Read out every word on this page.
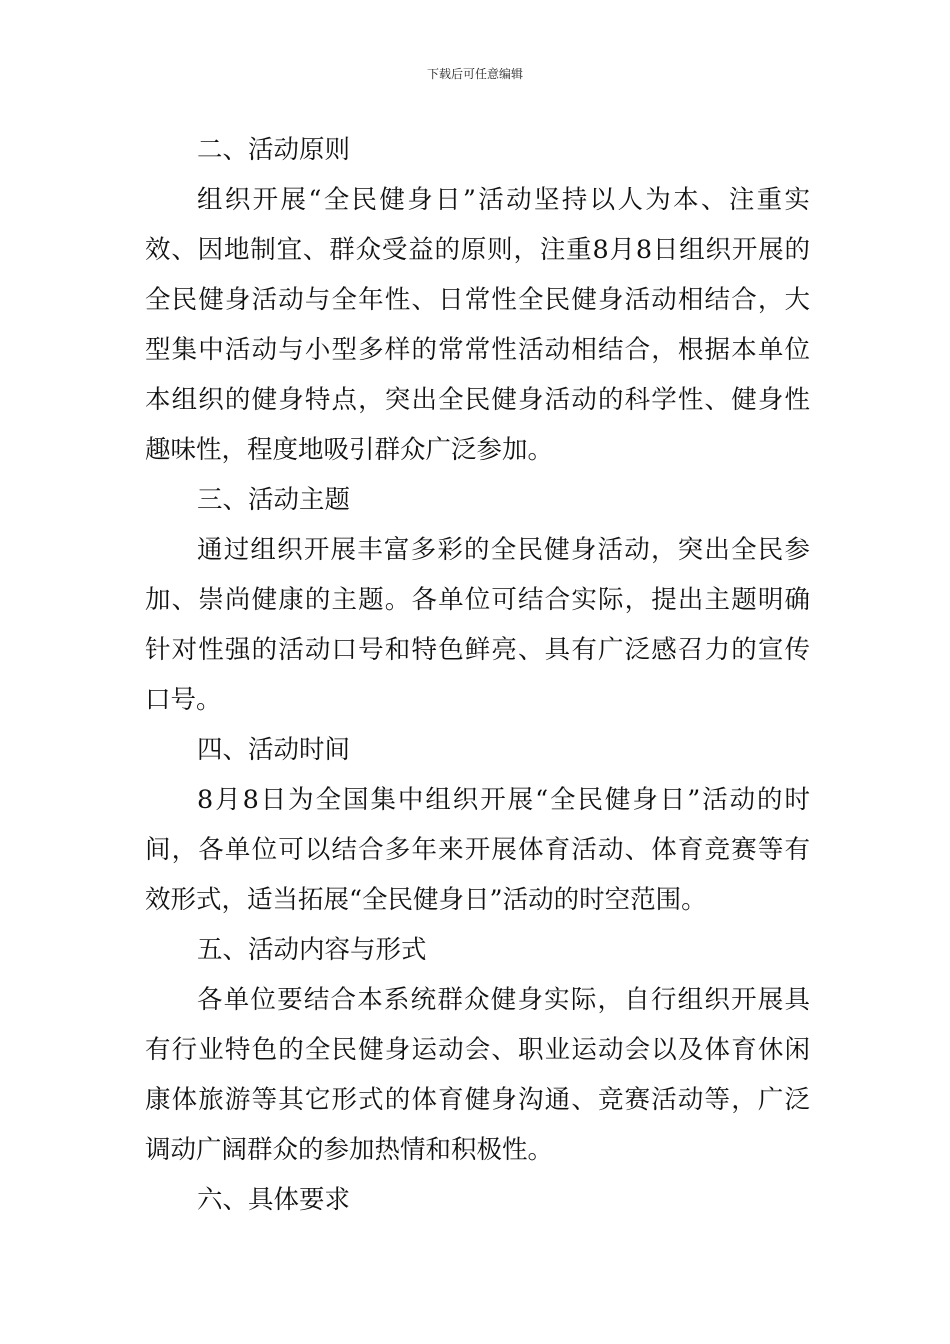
下载后可任意编辑
二、活动原则
组织开展“全民健身日”活动坚持以人为本、注重实
效、因地制宜、群众受益的原则，注重8月8日组织开展的
全民健身活动与全年性、日常性全民健身活动相结合，大
型集中活动与小型多样的常常性活动相结合，根据本单位
本组织的健身特点，突出全民健身活动的科学性、健身性
趣味性，程度地吸引群众广泛参加。
三、活动主题
通过组织开展丰富多彩的全民健身活动，突出全民参
加、崇尚健康的主题。各单位可结合实际，提出主题明确
针对性强的活动口号和特色鲜亮、具有广泛感召力的宣传
口号。
四、活动时间
8月8日为全国集中组织开展“全民健身日”活动的时
间，各单位可以结合多年来开展体育活动、体育竞赛等有
效形式，适当拓展“全民健身日”活动的时空范围。
五、活动内容与形式
各单位要结合本系统群众健身实际，自行组织开展具
有行业特色的全民健身运动会、职业运动会以及体育休闲
康体旅游等其它形式的体育健身沟通、竞赛活动等，广泛
调动广阔群众的参加热情和积极性。
六、具体要求
